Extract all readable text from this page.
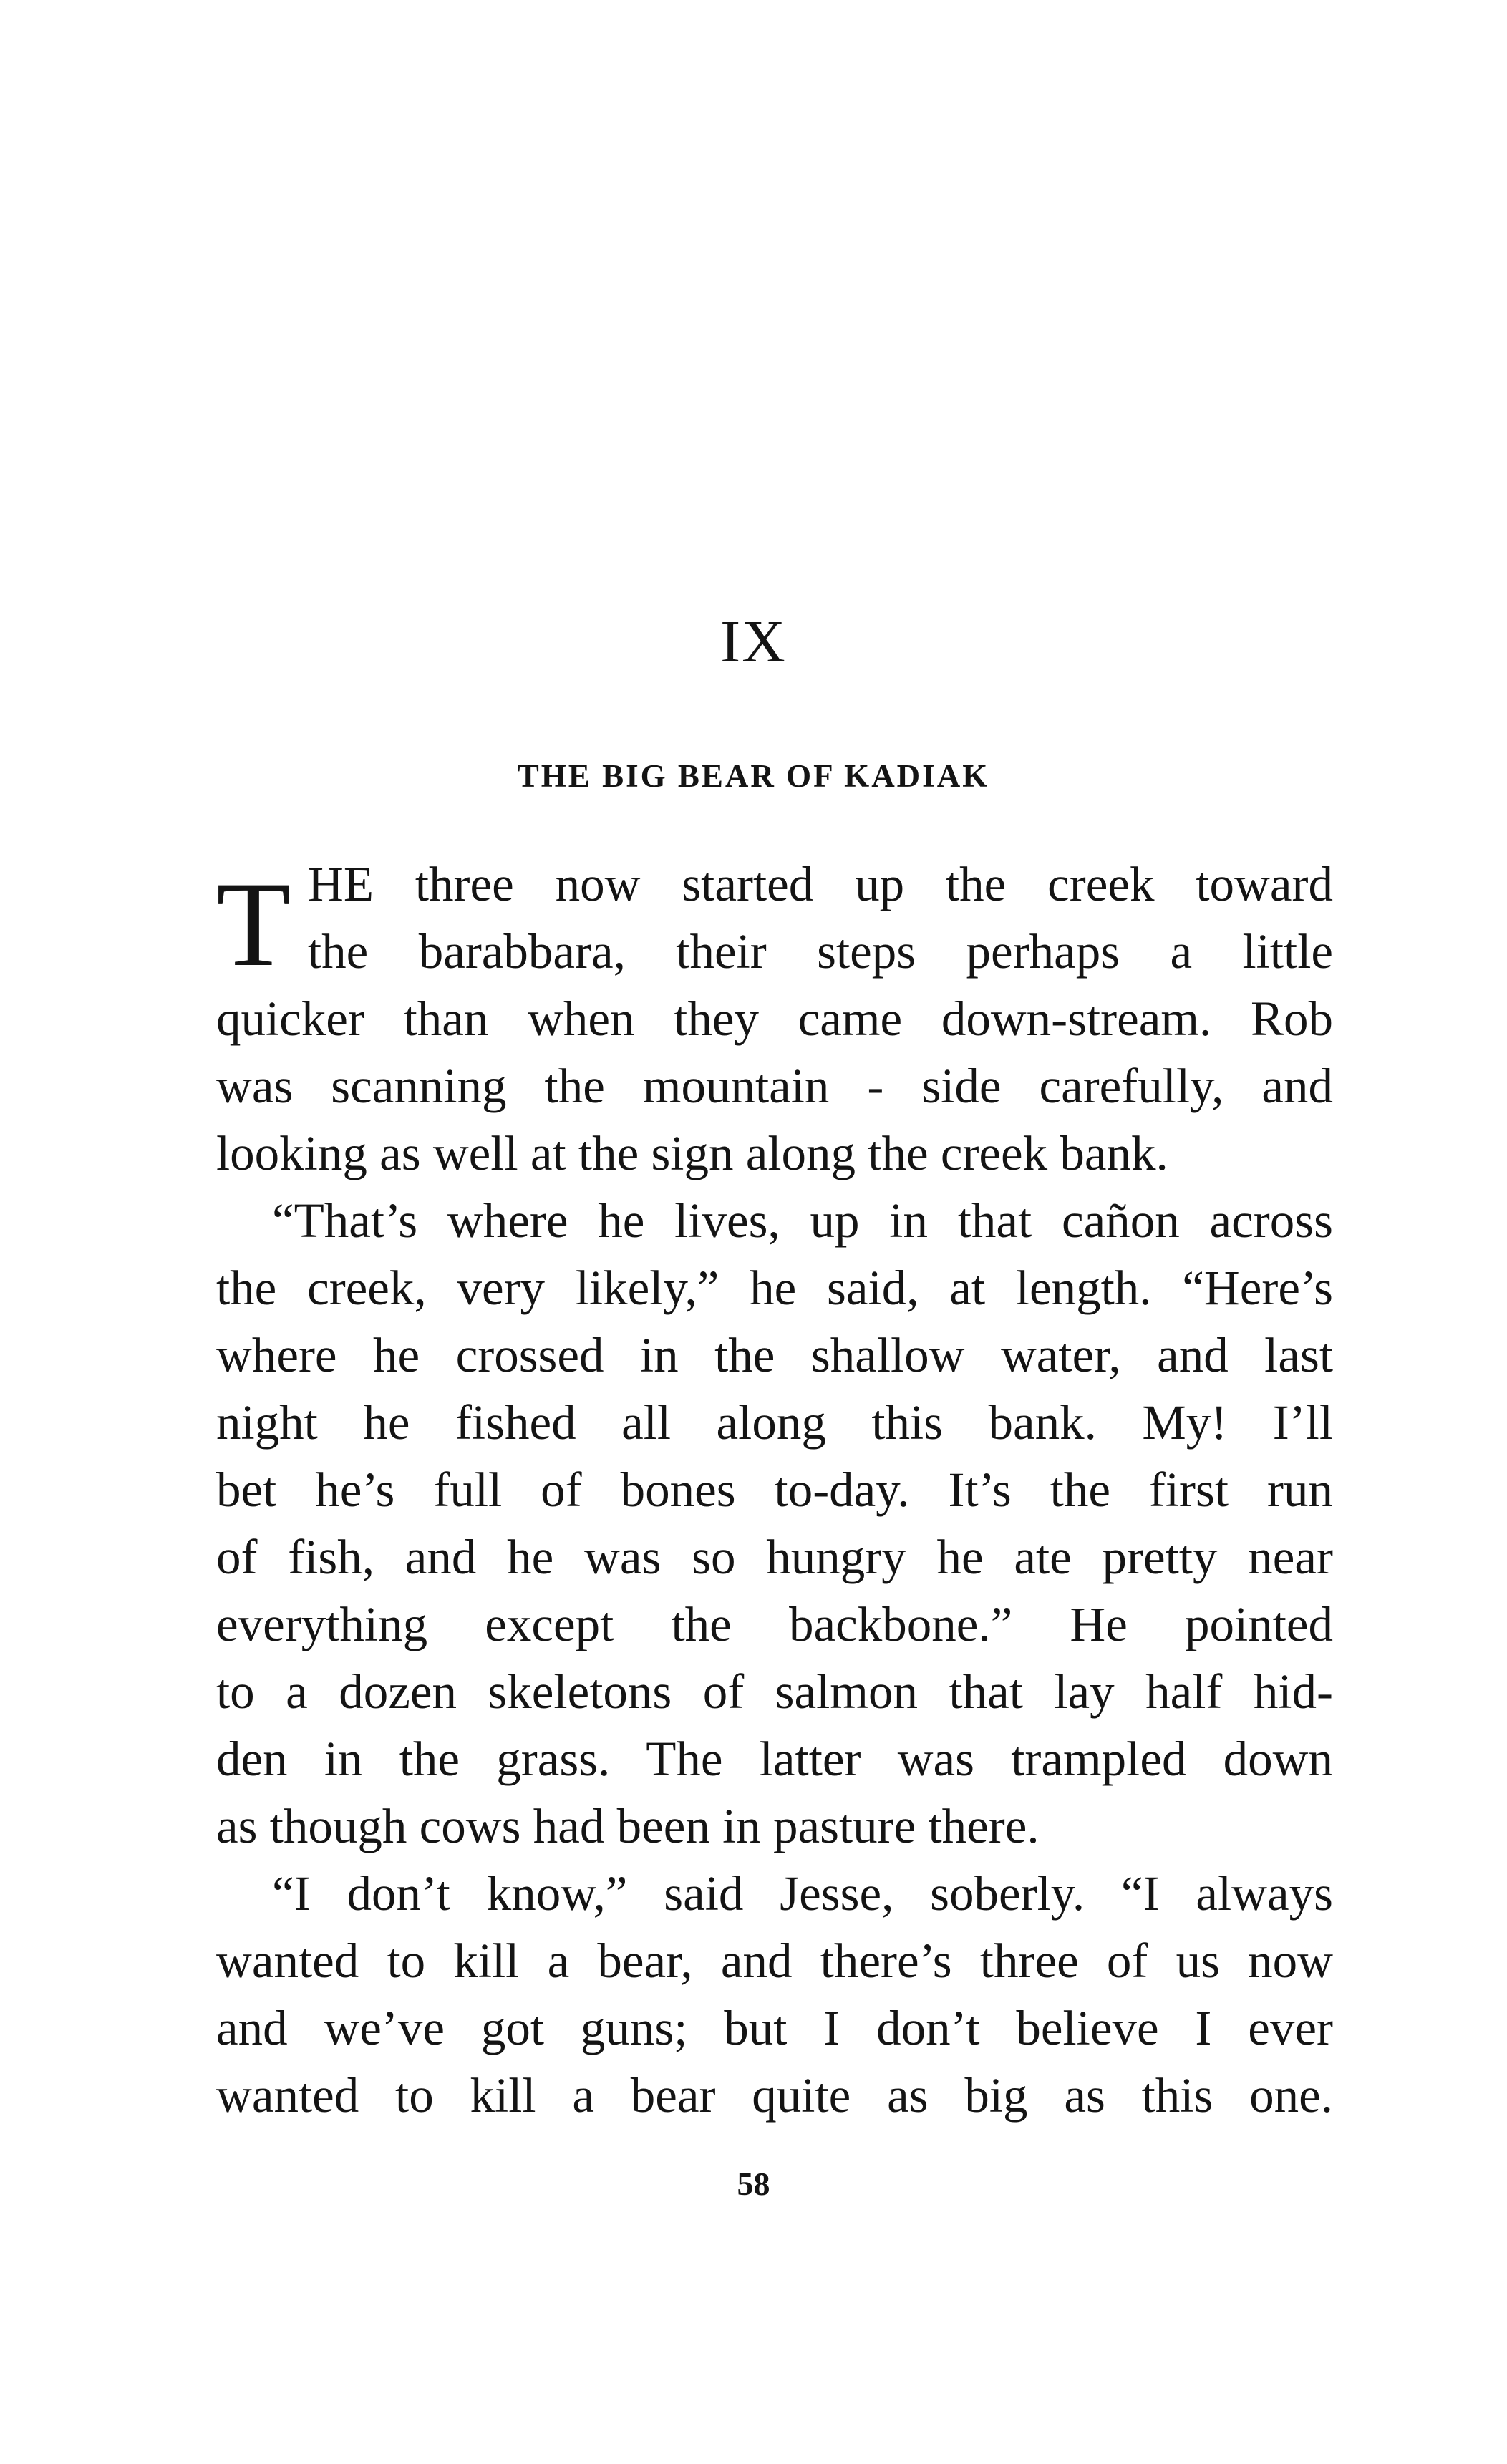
IX
THE BIG BEAR OF KADIAK
T HE three now started up the creek toward
the barabbara, their steps perhaps a little
quicker than when they came down-stream. Rob
was scanning the mountain - side carefully, and
looking as well at the sign along the creek bank.
“That’s where he lives, up in that cañon across
the creek, very likely,” he said, at length. “Here’s
where he crossed in the shallow water, and last
night he fished all along this bank. My! I’ll
bet he’s full of bones to-day. It’s the first run
of fish, and he was so hungry he ate pretty near
everything except the backbone.” He pointed
to a dozen skeletons of salmon that lay half hid-
den in the grass. The latter was trampled down
as though cows had been in pasture there.
“I don’t know,” said Jesse, soberly. “I always
wanted to kill a bear, and there’s three of us now
and we’ve got guns; but I don’t believe I ever
wanted to kill a bear quite as big as this one.
58
